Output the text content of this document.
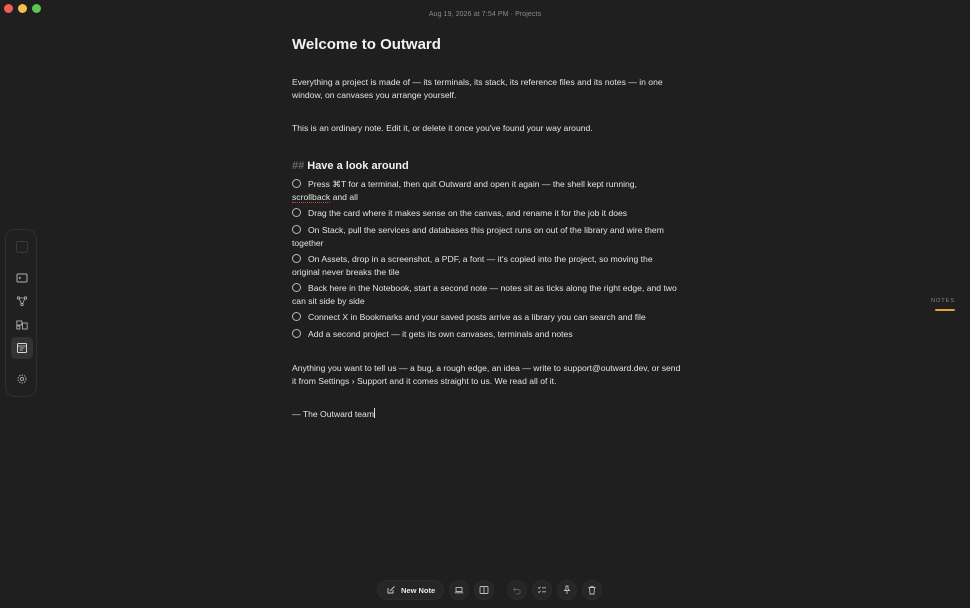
Aug 19, 2026 at 7:54 PM · Projects
Welcome to Outward

Everything a project is made of — its terminals, its stack, its reference files and its notes — in one window, on canvases you arrange yourself.

This is an ordinary note. Edit it, or delete it once you've found your way around.

## Have a look around
Press ⌘T for a terminal, then quit Outward and open it again — the shell kept running,
scrollback and all
Drag the card where it makes sense on the canvas, and rename it for the job it does
On Stack, pull the services and databases this project runs on out of the library and wire them together
On Assets, drop in a screenshot, a PDF, a font — it's copied into the project, so moving the original never breaks the tile
Back here in the Notebook, start a second note — notes sit as ticks along the right edge, and two can sit side by side
Connect X in Bookmarks and your saved posts arrive as a library you can search and file
Add a second project — it gets its own canvases, terminals and notes

Anything you want to tell us — a bug, a rough edge, an idea — write to support@outward.dev, or send it from Settings › Support and it comes straight to us. We read all of it.

— The Outward team

NOTES
New Note
